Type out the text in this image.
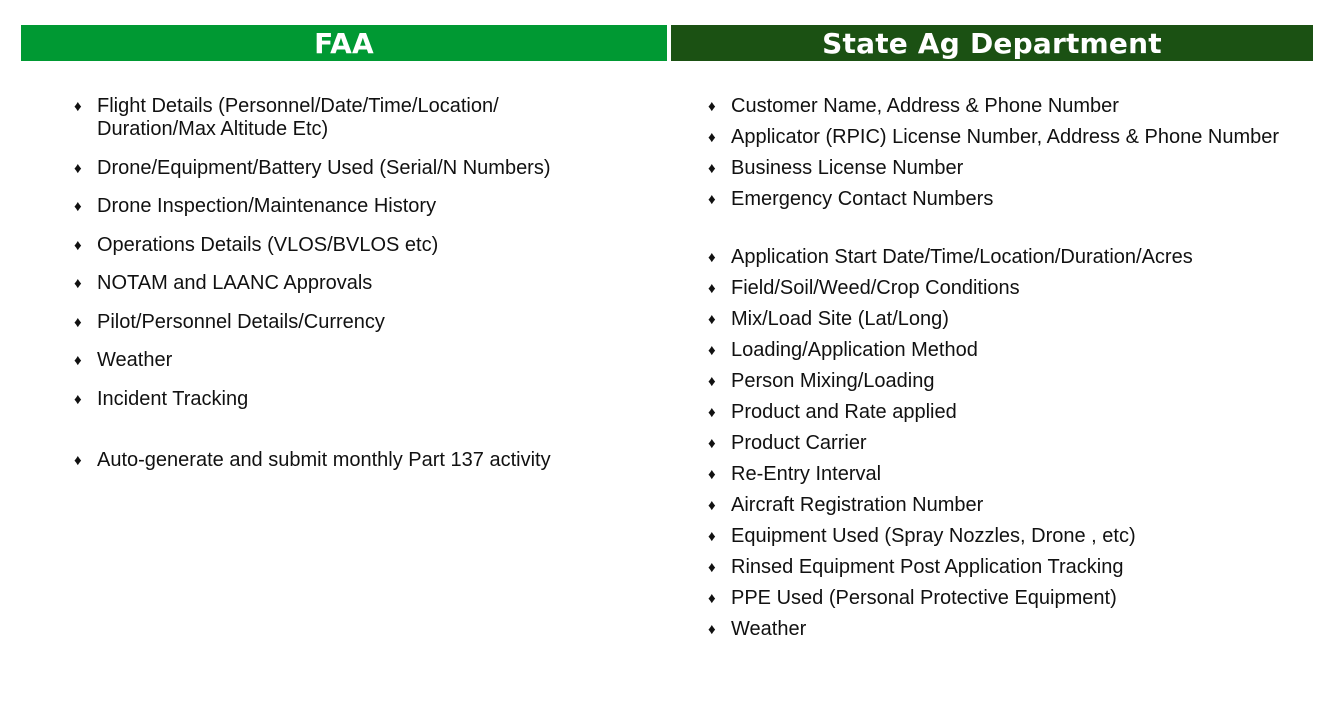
FAA	State Ag Department
♦ Flight Details (Personnel/Date/Time/Location/ Duration/Max Altitude Etc)
♦ Drone/Equipment/Battery Used (Serial/N Numbers)
♦ Drone Inspection/Maintenance History
♦ Operations Details (VLOS/BVLOS etc)
♦ NOTAM and LAANC Approvals
♦ Pilot/Personnel Details/Currency
♦ Weather
♦ Incident Tracking
♦ Auto-generate and submit monthly Part 137 activity
♦ Customer Name, Address & Phone Number
♦ Applicator (RPIC) License Number, Address & Phone Number
♦ Business License Number
♦ Emergency Contact Numbers
♦ Application Start Date/Time/Location/Duration/Acres
♦ Field/Soil/Weed/Crop Conditions
♦ Mix/Load Site (Lat/Long)
♦ Loading/Application Method
♦ Person Mixing/Loading
♦ Product and Rate applied
♦ Product Carrier
♦ Re-Entry Interval
♦ Aircraft Registration Number
♦ Equipment Used (Spray Nozzles, Drone , etc)
♦ Rinsed Equipment Post Application Tracking
♦ PPE Used (Personal Protective Equipment)
♦ Weather
